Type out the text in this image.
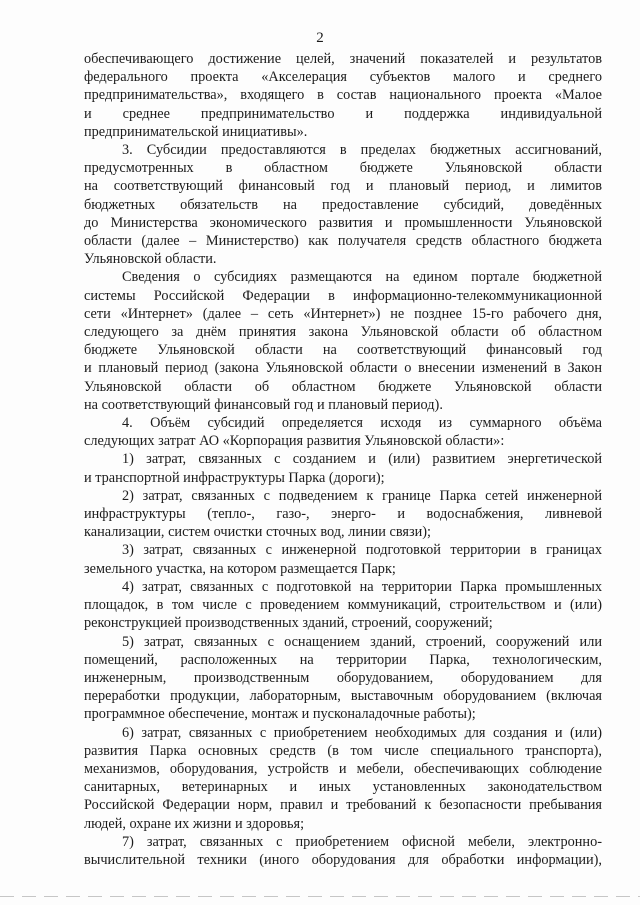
2
обеспечивающего достижение целей, значений показателей и результатов
федерального проекта «Акселерация субъектов малого и среднего
предпринимательства», входящего в состав национального проекта «Малое
и среднее предпринимательство и поддержка индивидуальной
предпринимательской инициативы».
3. Субсидии предоставляются в пределах бюджетных ассигнований,
предусмотренных в областном бюджете Ульяновской области
на соответствующий финансовый год и плановый период, и лимитов
бюджетных обязательств на предоставление субсидий, доведённых
до Министерства экономического развития и промышленности Ульяновской
области (далее – Министерство) как получателя средств областного бюджета
Ульяновской области.
Сведения о субсидиях размещаются на едином портале бюджетной
системы Российской Федерации в информационно-телекоммуникационной
сети «Интернет» (далее – сеть «Интернет») не позднее 15-го рабочего дня,
следующего за днём принятия закона Ульяновской области об областном
бюджете Ульяновской области на соответствующий финансовый год
и плановый период (закона Ульяновской области о внесении изменений в Закон
Ульяновской области об областном бюджете Ульяновской области
на соответствующий финансовый год и плановый период).
4. Объём субсидий определяется исходя из суммарного объёма
следующих затрат АО «Корпорация развития Ульяновской области»:
1) затрат, связанных с созданием и (или) развитием энергетической
и транспортной инфраструктуры Парка (дороги);
2) затрат, связанных с подведением к границе Парка сетей инженерной
инфраструктуры (тепло-, газо-, энерго- и водоснабжения, ливневой
канализации, систем очистки сточных вод, линии связи);
3) затрат, связанных с инженерной подготовкой территории в границах
земельного участка, на котором размещается Парк;
4) затрат, связанных с подготовкой на территории Парка промышленных
площадок, в том числе с проведением коммуникаций, строительством и (или)
реконструкцией производственных зданий, строений, сооружений;
5) затрат, связанных с оснащением зданий, строений, сооружений или
помещений, расположенных на территории Парка, технологическим,
инженерным, производственным оборудованием, оборудованием для
переработки продукции, лабораторным, выставочным оборудованием (включая
программное обеспечение, монтаж и пусконаладочные работы);
6) затрат, связанных с приобретением необходимых для создания и (или)
развития Парка основных средств (в том числе специального транспорта),
механизмов, оборудования, устройств и мебели, обеспечивающих соблюдение
санитарных, ветеринарных и иных установленных законодательством
Российской Федерации норм, правил и требований к безопасности пребывания
людей, охране их жизни и здоровья;
7) затрат, связанных с приобретением офисной мебели, электронно-
вычислительной техники (иного оборудования для обработки информации),
